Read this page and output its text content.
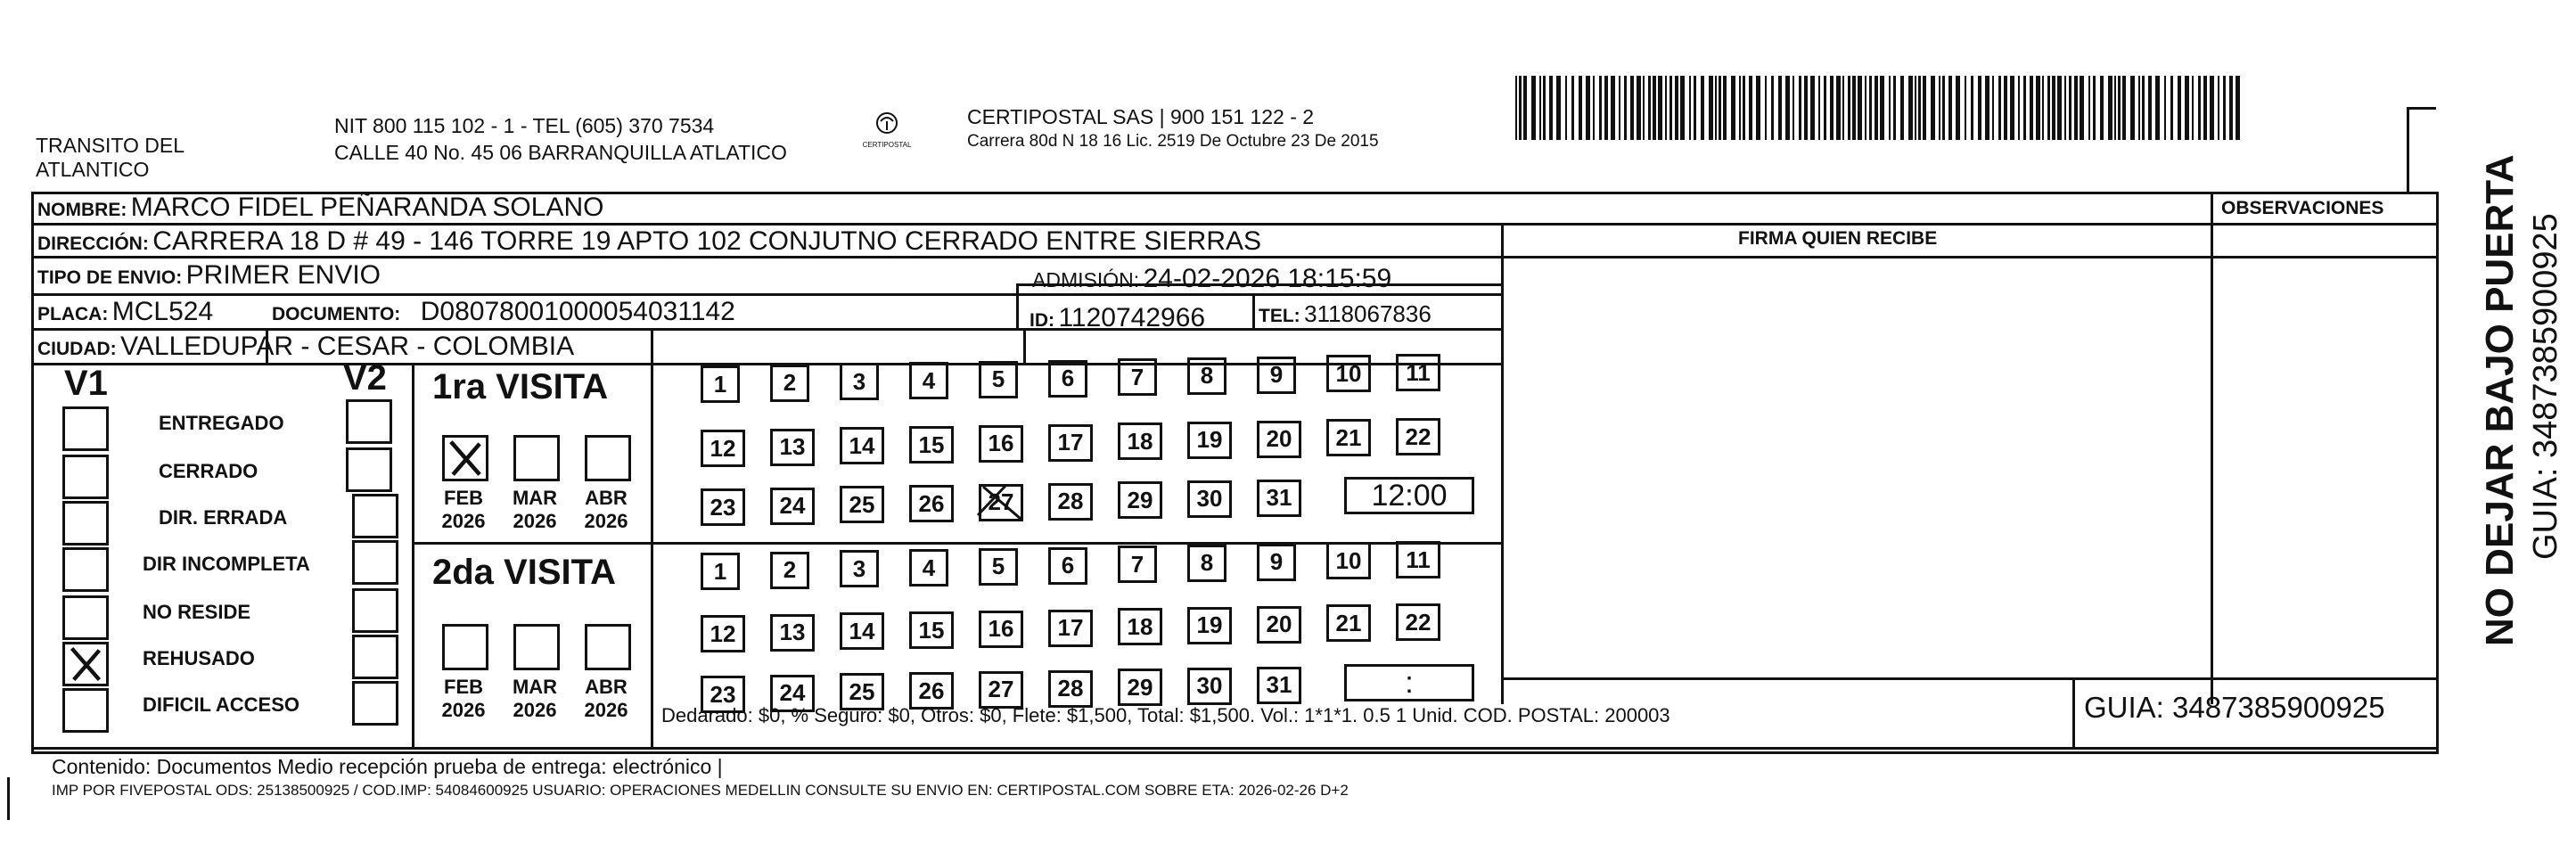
TRANSITO DEL ATLANTICO
NIT 800 115 102 - 1 - TEL (605) 370 7534
CALLE 40 No. 45 06 BARRANQUILLA ATLATICO	CERTIPOSTAL
CERTIPOSTAL SAS | 900 151 122 - 2
Carrera 80d N 18 16 Lic. 2519 De Octubre 23 De 2015
NOMBRE: MARCO FIDEL PEÑARANDA SOLANO
DIRECCIÓN: CARRERA 18 D # 49 - 146 TORRE 19 APTO 102 CONJUTNO CERRADO ENTRE SIERRAS
TIPO DE ENVIO: PRIMER ENVIO	ADMISIÓN: 24-02-2026 18:15:59
PLACA: MCL524	DOCUMENTO: D08078001000054031142	ID: 1120742966	TEL: 3118067836
CIUDAD: VALLEDUPAR - CESAR - COLOMBIA
FIRMA QUIEN RECIBE
OBSERVACIONES
V1	V2
ENTREGADO
CERRADO
DIR. ERRADA
DIR INCOMPLETA
NO RESIDE
REHUSADO
DIFICIL ACCESO
1ra VISITA
FEB
2026
MAR
2026
ABR
2026
1	2	3	4	5	6	7	8	9	10	11
12	13	14	15	16	17	18	19	20	21	22
23	24	25	26	27	28	29	30	31	12:00
2da VISITA
FEB
2026
MAR
2026
ABR
2026
1	2	3	4	5	6	7	8	9	10	11
12	13	14	15	16	17	18	19	20	21	22
23	24	25	26	27	28	29	30	31	:
Dedarado: $0, % Seguro: $0, Otros: $0, Flete: $1,500, Total: $1,500. Vol.: 1*1*1. 0.5 1 Unid. COD. POSTAL: 200003	GUIA: 3487385900925
Contenido: Documentos Medio recepción prueba de entrega: electrónico |
IMP POR FIVEPOSTAL ODS: 25138500925 / COD.IMP: 54084600925 USUARIO: OPERACIONES MEDELLIN CONSULTE SU ENVIO EN: CERTIPOSTAL.COM SOBRE ETA: 2026-02-26 D+2
NO DEJAR BAJO PUERTA GUIA: 3487385900925
